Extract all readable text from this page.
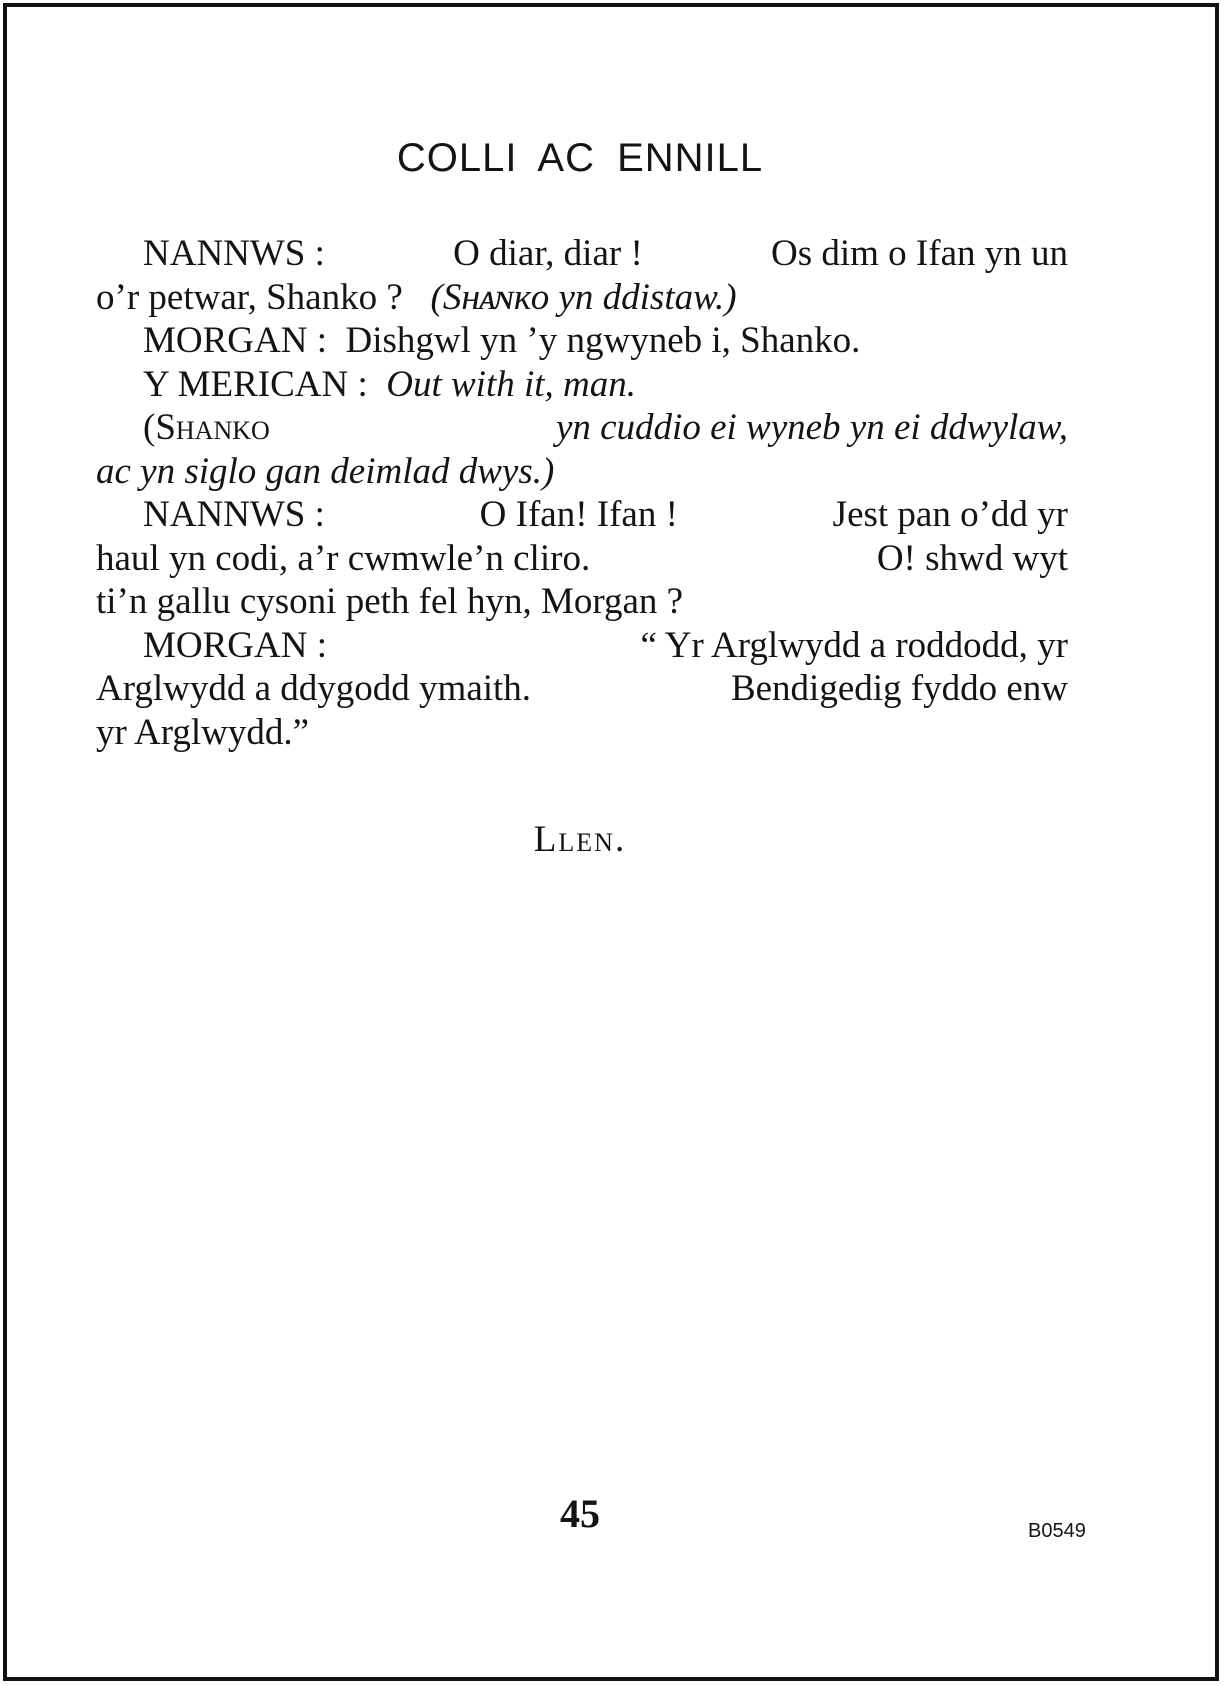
COLLI AC ENNILL
NANNWS :	O diar, diar !	Os dim o Ifan yn un
o’r petwar, Shanko ? (Sʜᴀɴᴋᴏ yn ddistaw.)
MORGAN : Dishgwl yn ’y ngwyneb i, Shanko.
Y MERICAN : Out with it, man.
(Shanko	yn cuddio ei wyneb yn ei ddwylaw,
ac yn siglo gan deimlad dwys.)
NANNWS :	O Ifan! Ifan !	Jest pan o’dd yr
haul yn codi, a’r cwmwle’n cliro.	O! shwd wyt
ti’n gallu cysoni peth fel hyn, Morgan ?
MORGAN :	“ Yr Arglwydd a roddodd, yr
Arglwydd a ddygodd ymaith.	Bendigedig fyddo enw
yr Arglwydd.”
Llen.
45	B0549
